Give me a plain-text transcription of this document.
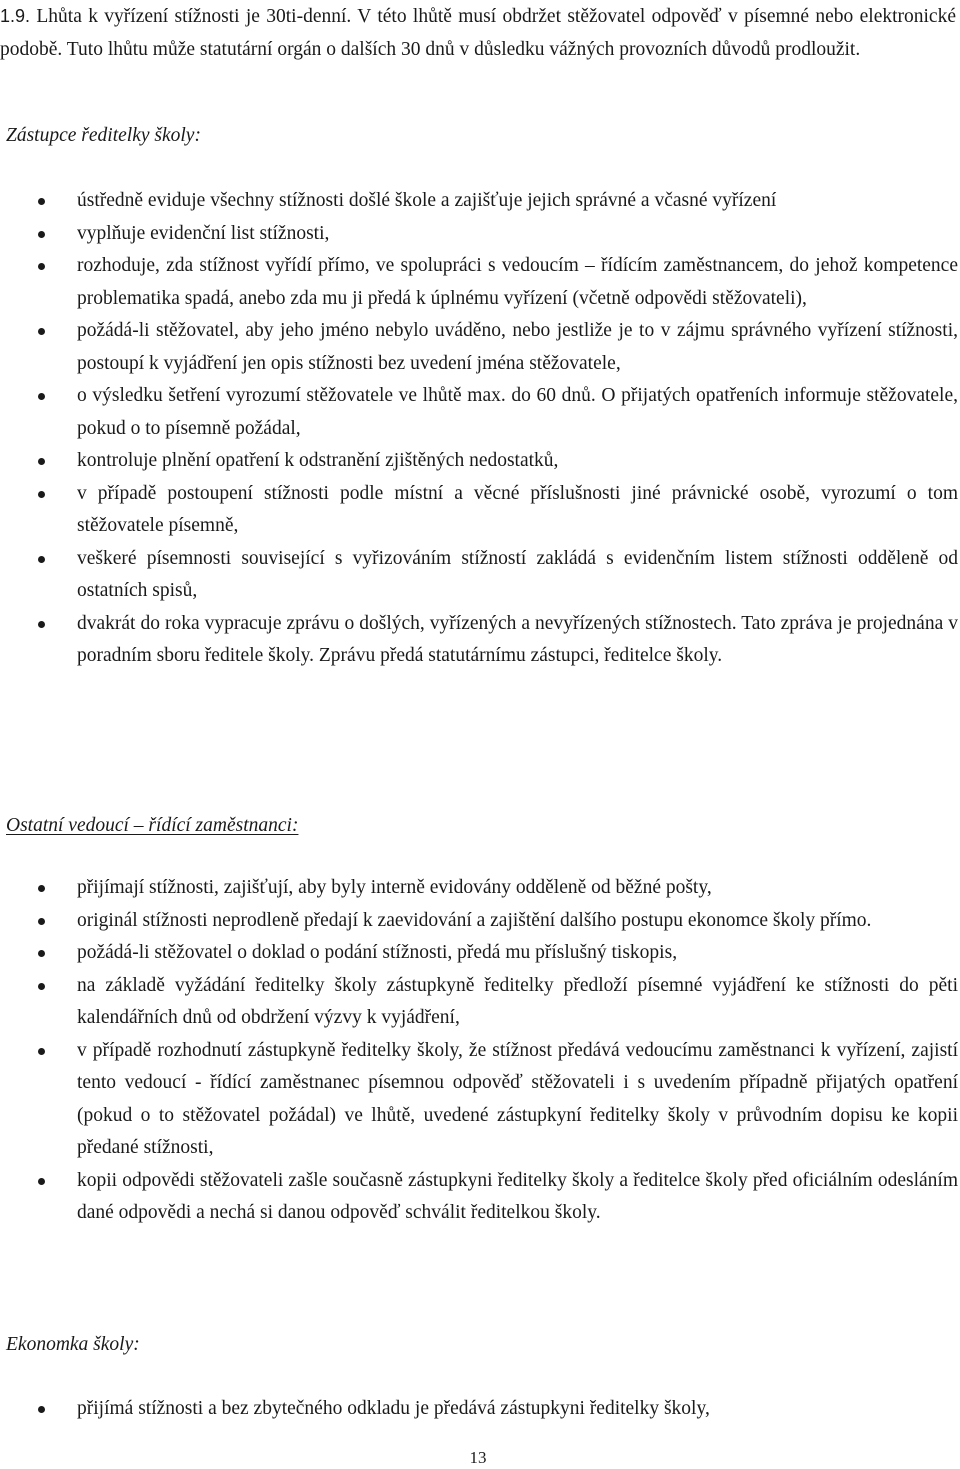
1.9. Lhůta k vyřízení stížnosti je 30ti-denní. V této lhůtě musí obdržet stěžovatel odpověď v písemné nebo elektronické podobě. Tuto lhůtu může statutární orgán o dalších 30 dnů v důsledku vážných provozních důvodů prodloužit.

Zástupce ředitelky školy:
ústředně eviduje všechny stížnosti došlé škole a zajišťuje jejich správné a včasné vyřízení
vyplňuje evidenční list stížnosti,
rozhoduje, zda stížnost vyřídí přímo, ve spolupráci s vedoucím – řídícím zaměstnancem, do jehož kompetence problematika spadá, anebo zda mu ji předá k úplnému vyřízení (včetně odpovědi stěžovateli),
požádá-li stěžovatel, aby jeho jméno nebylo uváděno, nebo jestliže je to v zájmu správného vyřízení stížnosti, postoupí k vyjádření jen opis stížnosti bez uvedení jména stěžovatele,
o výsledku šetření vyrozumí stěžovatele ve lhůtě max. do 60 dnů. O přijatých opatřeních informuje stěžovatele, pokud o to písemně požádal,
kontroluje plnění opatření k odstranění zjištěných nedostatků,
v případě postoupení stížnosti podle místní a věcné příslušnosti jiné právnické osobě, vyrozumí o tom stěžovatele písemně,
veškeré písemnosti související s vyřizováním stížností zakládá s evidenčním listem stížnosti odděleně od ostatních spisů,
dvakrát do roka vypracuje zprávu o došlých, vyřízených a nevyřízených stížnostech. Tato zpráva je projednána v poradním sboru ředitele školy. Zprávu předá statutárnímu zástupci, ředitelce školy.
Ostatní vedoucí – řídící zaměstnanci:
přijímají stížnosti, zajišťují, aby byly interně evidovány odděleně od běžné pošty,
originál stížnosti neprodleně předají k zaevidování a zajištění dalšího postupu ekonomce školy přímo.
požádá-li stěžovatel o doklad o podání stížnosti, předá mu příslušný tiskopis,
na základě vyžádání ředitelky školy zástupkyně ředitelky předloží písemné vyjádření ke stížnosti do pěti kalendářních dnů od obdržení výzvy k vyjádření,
v případě rozhodnutí zástupkyně ředitelky školy, že stížnost předává vedoucímu zaměstnanci k vyřízení, zajistí tento vedoucí - řídící zaměstnanec písemnou odpověď stěžovateli i s uvedením případně přijatých opatření (pokud o to stěžovatel požádal) ve lhůtě, uvedené zástupkyní ředitelky školy v průvodním dopisu ke kopii předané stížnosti,
kopii odpovědi stěžovateli zašle současně zástupkyni ředitelky školy a ředitelce školy před oficiálním odesláním dané odpovědi a nechá si danou odpověď schválit ředitelkou školy.
Ekonomka školy:
přijímá stížnosti a bez zbytečného odkladu je předává zástupkyni ředitelky školy,
13
